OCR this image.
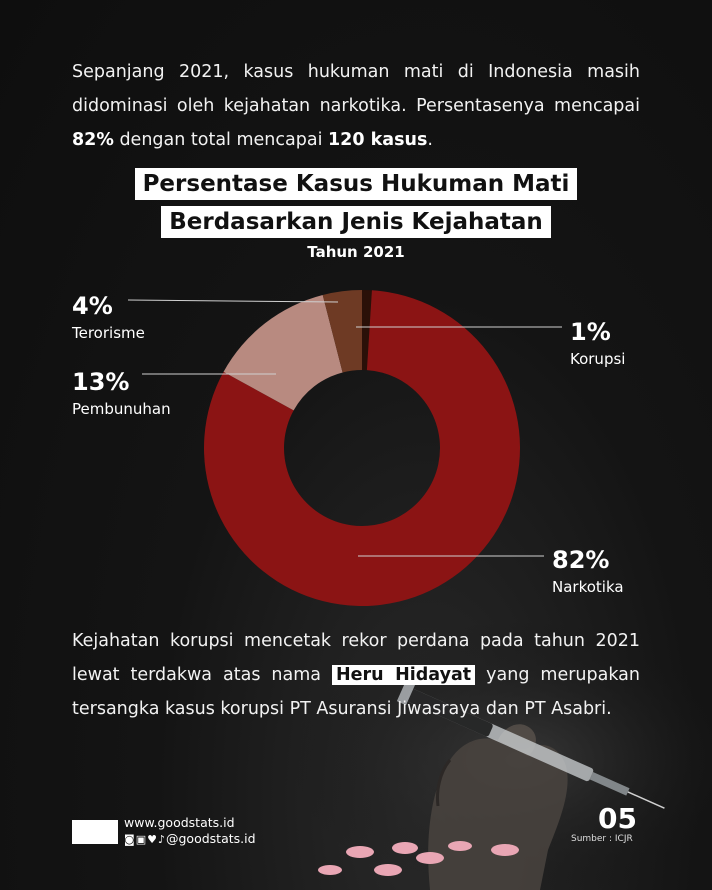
Sepanjang 2021, kasus hukuman mati di Indonesia masih didominasi oleh kejahatan narkotika. Persentasenya mencapai 82% dengan total mencapai 120 kasus.
Persentase Kasus Hukuman Mati
Berdasarkan Jenis Kejahatan
Tahun 2021
82%
Narkotika
13%
Pembunuhan
4%
Terorisme	1%
Korupsi
Kejahatan korupsi mencetak rekor perdana pada tahun 2021 lewat terdakwa atas nama Heru Hidayat yang merupakan tersangka kasus korupsi PT Asuransi Jiwasraya dan PT Asabri.
www.goodstats.id
◙▣♥♪@goodstats.id
05
Sumber : ICJR
